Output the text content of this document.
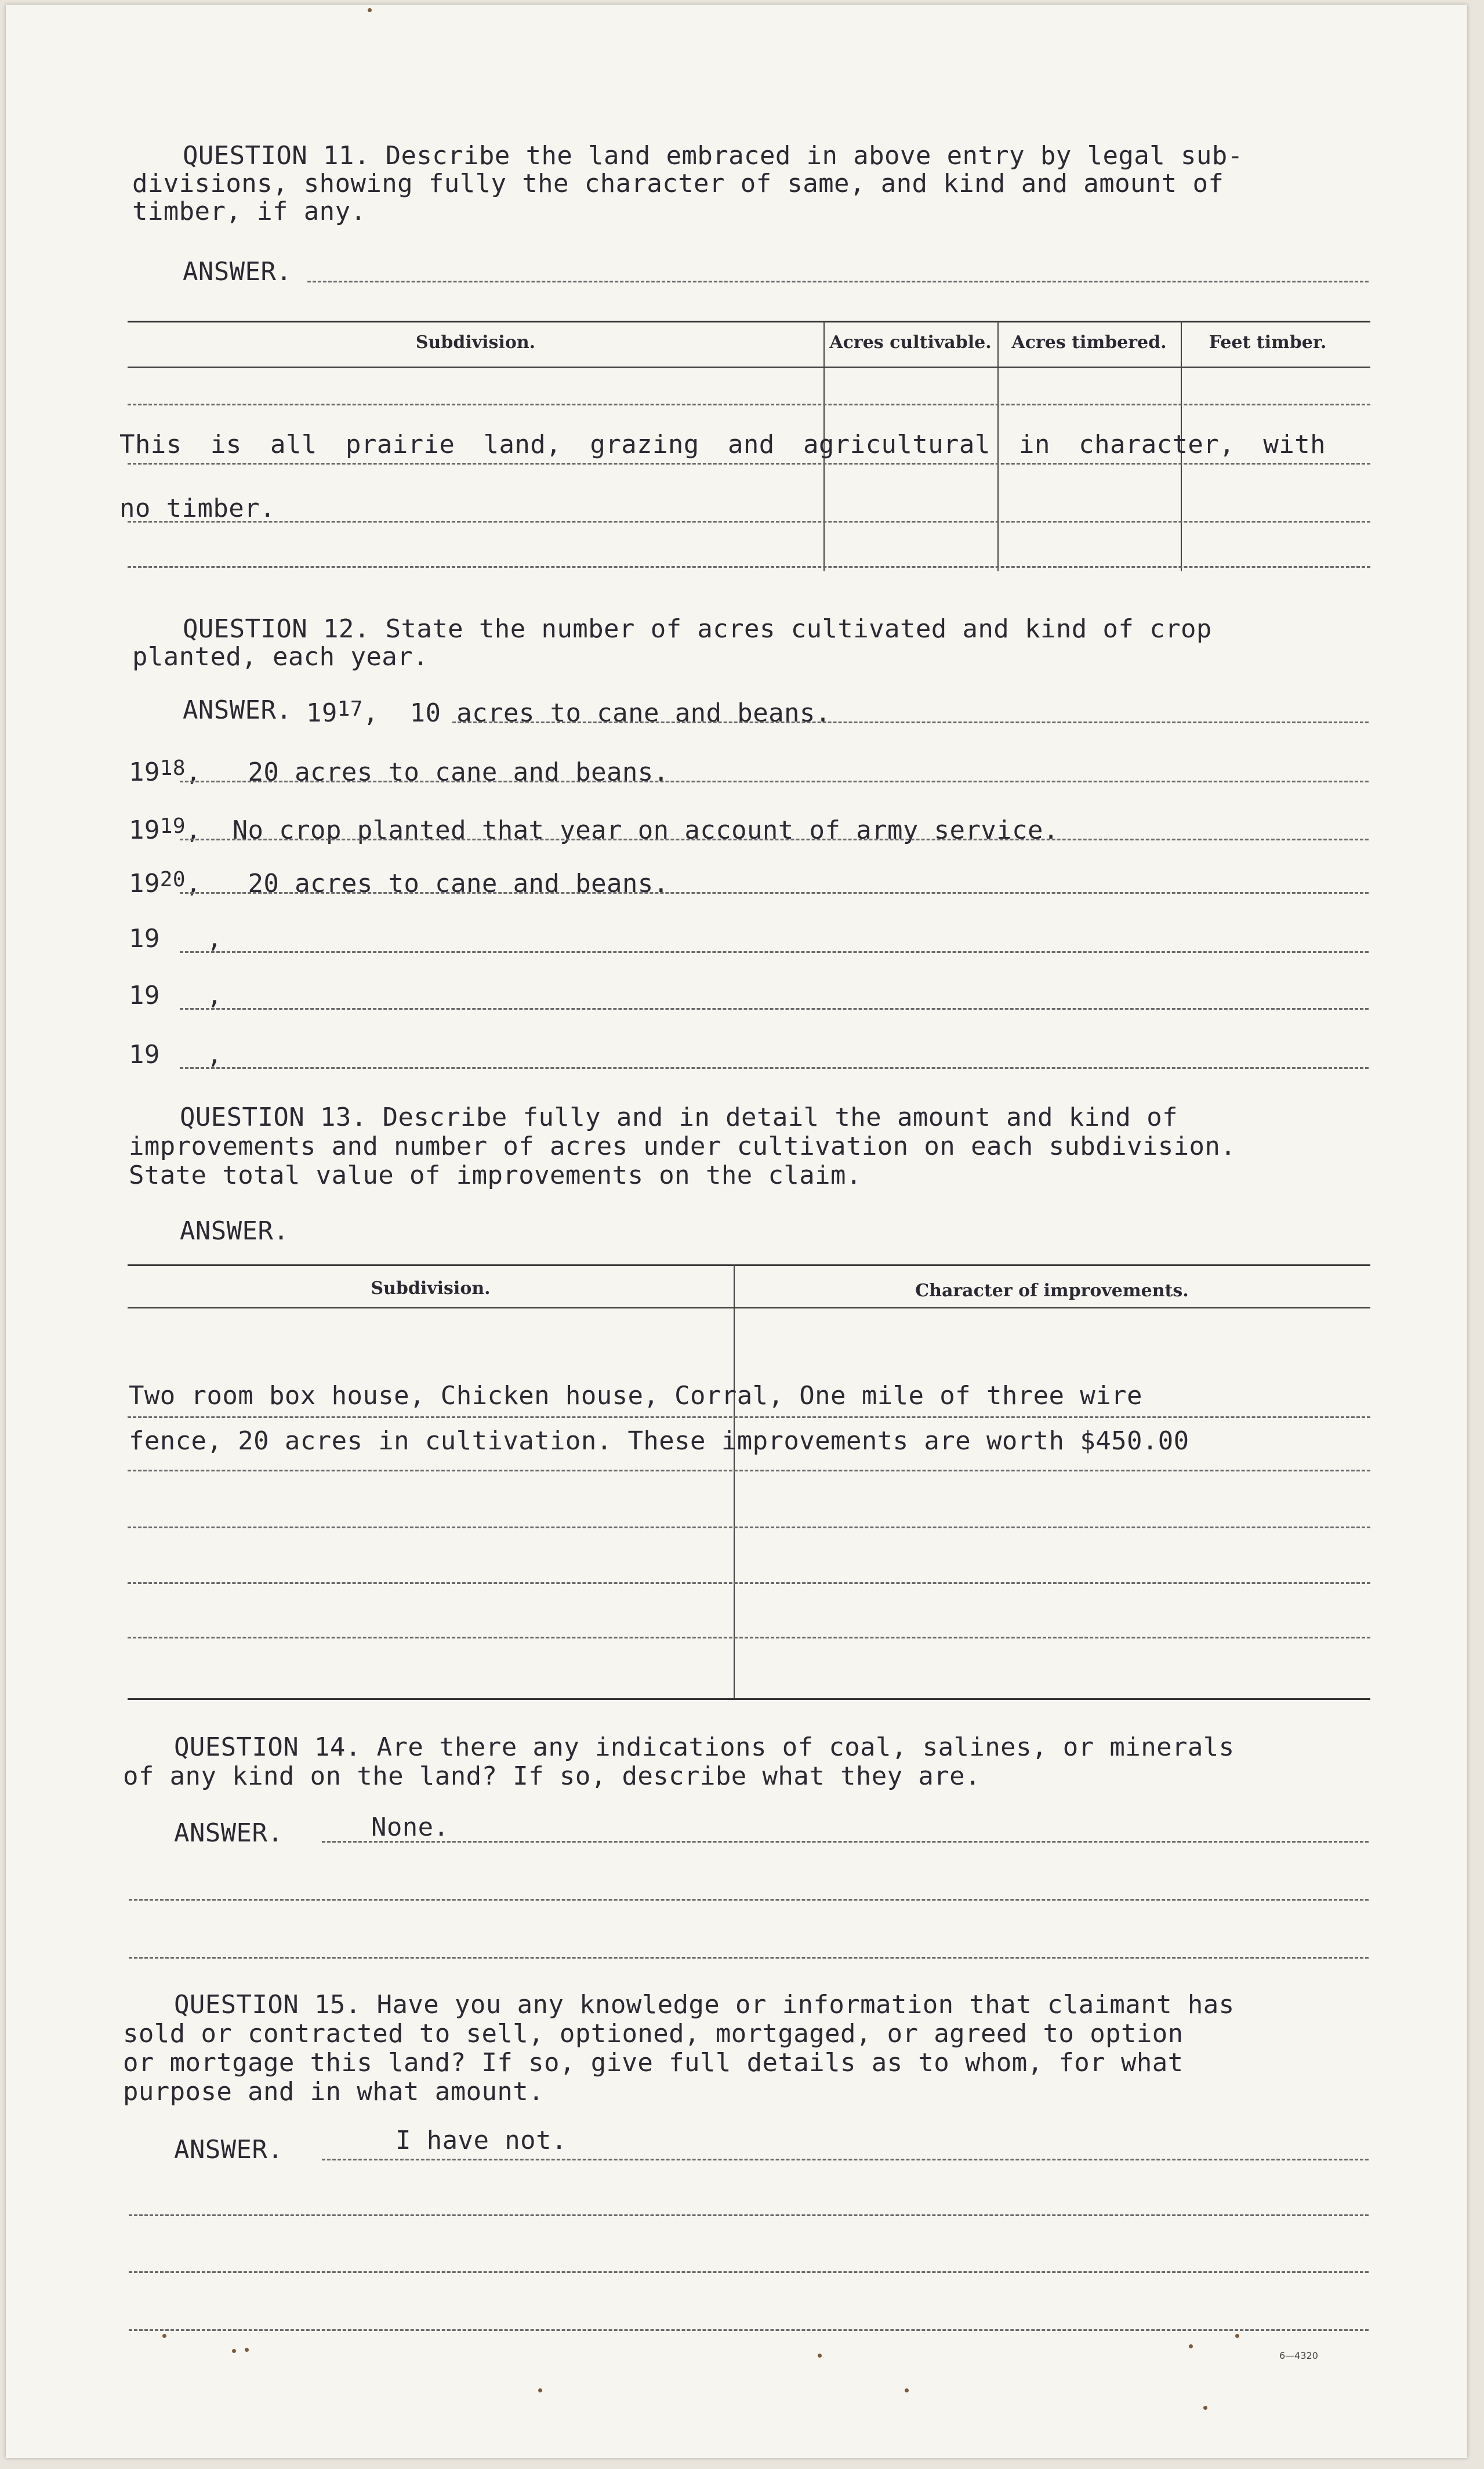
QUESTION 11. Describe the land embraced in above entry by legal sub-
divisions, showing fully the character of same, and kind and amount of
timber, if any.
ANSWER.
Subdivision.	Acres cultivable.	Acres timbered.	Feet timber.
This is all prairie land, grazing and agricultural in character, with
no timber.
QUESTION 12. State the number of acres cultivated and kind of crop
planted, each year.
ANSWER. $19^{17}$,  10 acres to cane and beans.
$19^{18}$,   20 acres to cane and beans.
$19^{19}$,  No crop planted that year on account of army service.
$19^{20}$,   20 acres to cane and beans.
19   ,
19   ,
19   ,
QUESTION 13. Describe fully and in detail the amount and kind of
improvements and number of acres under cultivation on each subdivision.
State total value of improvements on the claim.
ANSWER.
Subdivision.	Character of improvements.
Two room box house, Chicken house, Corral, One mile of three wire
fence, 20 acres in cultivation. These improvements are worth $450.00
QUESTION 14. Are there any indications of coal, salines, or minerals
of any kind on the land? If so, describe what they are.
ANSWER.	None.
QUESTION 15. Have you any knowledge or information that claimant has
sold or contracted to sell, optioned, mortgaged, or agreed to option
or mortgage this land? If so, give full details as to whom, for what
purpose and in what amount.
ANSWER.	I have not.
6—4320
